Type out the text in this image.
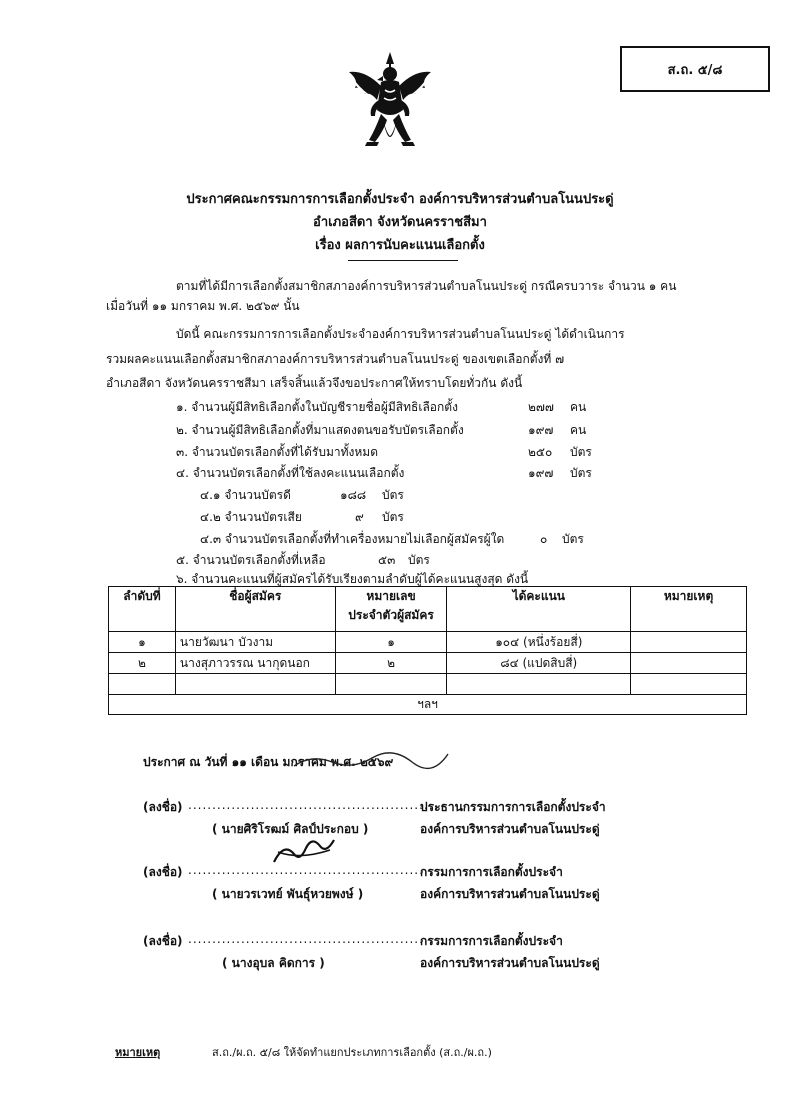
ส.ถ. ๕/๘
ประกาศคณะกรรมการการเลือกตั้งประจำ องค์การบริหารส่วนตำบลโนนประดู่
อำเภอสีดา จังหวัดนครราชสีมา
เรื่อง ผลการนับคะแนนเลือกตั้ง
ตามที่ได้มีการเลือกตั้งสมาชิกสภาองค์การบริหารส่วนตำบลโนนประดู่ กรณีครบวาระ จำนวน ๑ คน
เมื่อวันที่ ๑๑ มกราคม พ.ศ. ๒๕๖๙ นั้น
บัดนี้ คณะกรรมการการเลือกตั้งประจำองค์การบริหารส่วนตำบลโนนประดู่ ได้ดำเนินการ
รวมผลคะแนนเลือกตั้งสมาชิกสภาองค์การบริหารส่วนตำบลโนนประดู่ ของเขตเลือกตั้งที่ ๗
อำเภอสีดา จังหวัดนครราชสีมา เสร็จสิ้นแล้วจึงขอประกาศให้ทราบโดยทั่วกัน ดังนี้
๑. จำนวนผู้มีสิทธิเลือกตั้งในบัญชีรายชื่อผู้มีสิทธิเลือกตั้ง	๒๗๗ คน
๒. จำนวนผู้มีสิทธิเลือกตั้งที่มาแสดงตนขอรับบัตรเลือกตั้ง	๑๙๗ คน
๓. จำนวนบัตรเลือกตั้งที่ได้รับมาทั้งหมด	๒๕๐ บัตร
๔. จำนวนบัตรเลือกตั้งที่ใช้ลงคะแนนเลือกตั้ง	๑๙๗ บัตร
๔.๑ จำนวนบัตรดี	๑๘๘ บัตร
๔.๒ จำนวนบัตรเสีย	๙ บัตร
๔.๓ จำนวนบัตรเลือกตั้งที่ทำเครื่องหมายไม่เลือกผู้สมัครผู้ใด	๐ บัตร
๕. จำนวนบัตรเลือกตั้งที่เหลือ	๕๓ บัตร
๖. จำนวนคะแนนที่ผู้สมัครได้รับเรียงตามลำดับผู้ได้คะแนนสูงสุด ดังนี้
ลำดับที่	ชื่อผู้สมัคร	หมายเลข
ประจำตัวผู้สมัคร	ได้คะแนน	หมายเหตุ
๑	นายวัฒนา บัวงาม	๑	๑๐๔ (หนึ่งร้อยสี่)	
๒	นางสุภาวรรณ นากุดนอก	๒	๘๔ (แปดสิบสี่)	

ฯลฯ				
ประกาศ ณ วันที่ ๑๑ เดือน มกราคม พ.ศ. ๒๕๖๙
(ลงชื่อ) ...................................................
( นายศิริโรฒม์ ศิลป์ประกอบ )
ประธานกรรมการการเลือกตั้งประจำ
องค์การบริหารส่วนตำบลโนนประดู่
(ลงชื่อ) ...................................................
( นายวรเวทย์ พันธุ์หวยพงษ์ )
กรรมการการเลือกตั้งประจำ
องค์การบริหารส่วนตำบลโนนประดู่
(ลงชื่อ) ...................................................
( นางอุบล คิดการ )
กรรมการการเลือกตั้งประจำ
องค์การบริหารส่วนตำบลโนนประดู่
หมายเหตุ	ส.ถ./ผ.ถ. ๕/๘ ให้จัดทำแยกประเภทการเลือกตั้ง (ส.ถ./ผ.ถ.)
